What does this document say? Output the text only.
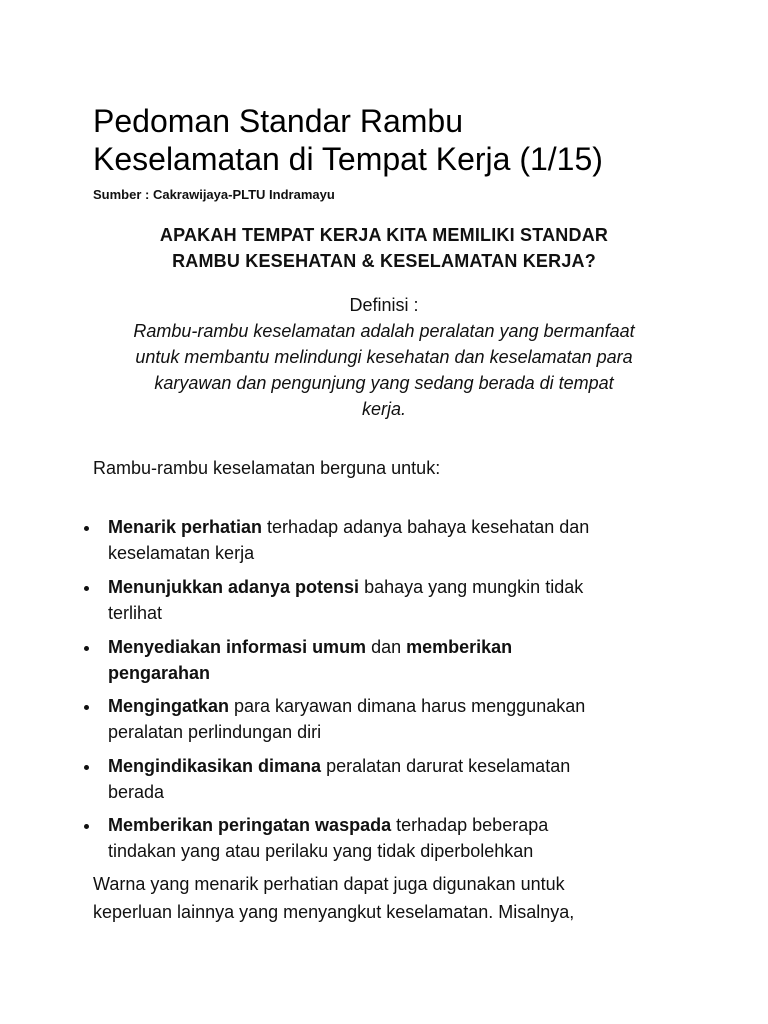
Pedoman Standar Rambu
Keselamatan di Tempat Kerja (1/15)
Sumber : Cakrawijaya-PLTU Indramayu
APAKAH TEMPAT KERJA KITA MEMILIKI STANDAR
RAMBU KESEHATAN & KESELAMATAN KERJA?
Definisi :
Rambu-rambu keselamatan adalah peralatan yang bermanfaat
untuk membantu melindungi kesehatan dan keselamatan para
karyawan dan pengunjung yang sedang berada di tempat
kerja.
Rambu-rambu keselamatan berguna untuk:
Menarik perhatian terhadap adanya bahaya kesehatan dan
keselamatan kerja
Menunjukkan adanya potensi bahaya yang mungkin tidak
terlihat
Menyediakan informasi umum dan memberikan
pengarahan
Mengingatkan para karyawan dimana harus menggunakan
peralatan perlindungan diri
Mengindikasikan dimana peralatan darurat keselamatan
berada
Memberikan peringatan waspada terhadap beberapa
tindakan yang atau perilaku yang tidak diperbolehkan
Warna yang menarik perhatian dapat juga digunakan untuk
keperluan lainnya yang menyangkut keselamatan. Misalnya,
